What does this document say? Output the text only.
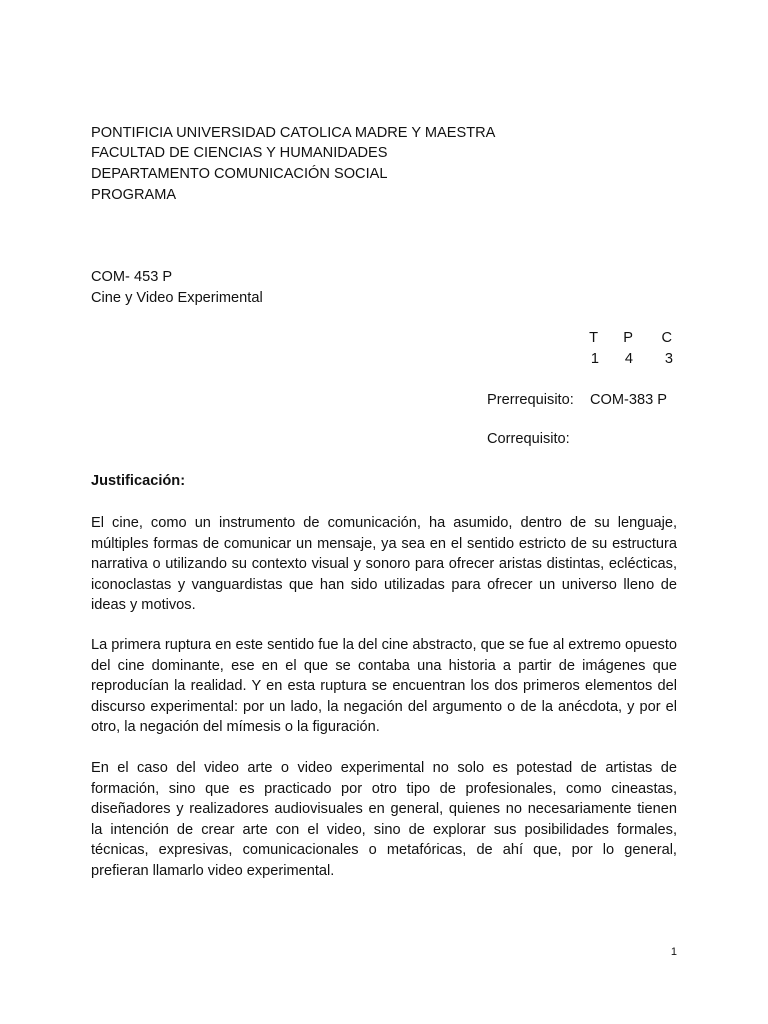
PONTIFICIA UNIVERSIDAD CATOLICA MADRE Y MAESTRA
FACULTAD DE CIENCIAS Y HUMANIDADES
DEPARTAMENTO COMUNICACIÓN SOCIAL
PROGRAMA
COM- 453 P
Cine y Video Experimental
T	P	C
1	4	3
Prerrequisito: COM-383 P
Correquisito:
Justificación:

El cine, como un instrumento de comunicación, ha asumido, dentro de su lenguaje, múltiples formas de comunicar un mensaje, ya sea en el sentido estricto de su estructura narrativa o utilizando su contexto visual y sonoro para ofrecer aristas distintas, eclécticas, iconoclastas y vanguardistas que han sido utilizadas para ofrecer un universo lleno de ideas y motivos.

La primera ruptura en este sentido fue la del cine abstracto, que se fue al extremo opuesto del cine dominante, ese en el que se contaba una historia a partir de imágenes que reproducían la realidad. Y en esta ruptura se encuentran los dos primeros elementos del discurso experimental: por un lado, la negación del argumento o de la anécdota, y por el otro, la negación del mímesis o la figuración.

En el caso del video arte o video experimental no solo es potestad de artistas de formación, sino que es practicado por otro tipo de profesionales, como cineastas, diseñadores y realizadores audiovisuales en general, quienes no necesariamente tienen la intención de crear arte con el video, sino de explorar sus posibilidades formales, técnicas, expresivas, comunicacionales o metafóricas, de ahí que, por lo general, prefieran llamarlo video experimental.

1
